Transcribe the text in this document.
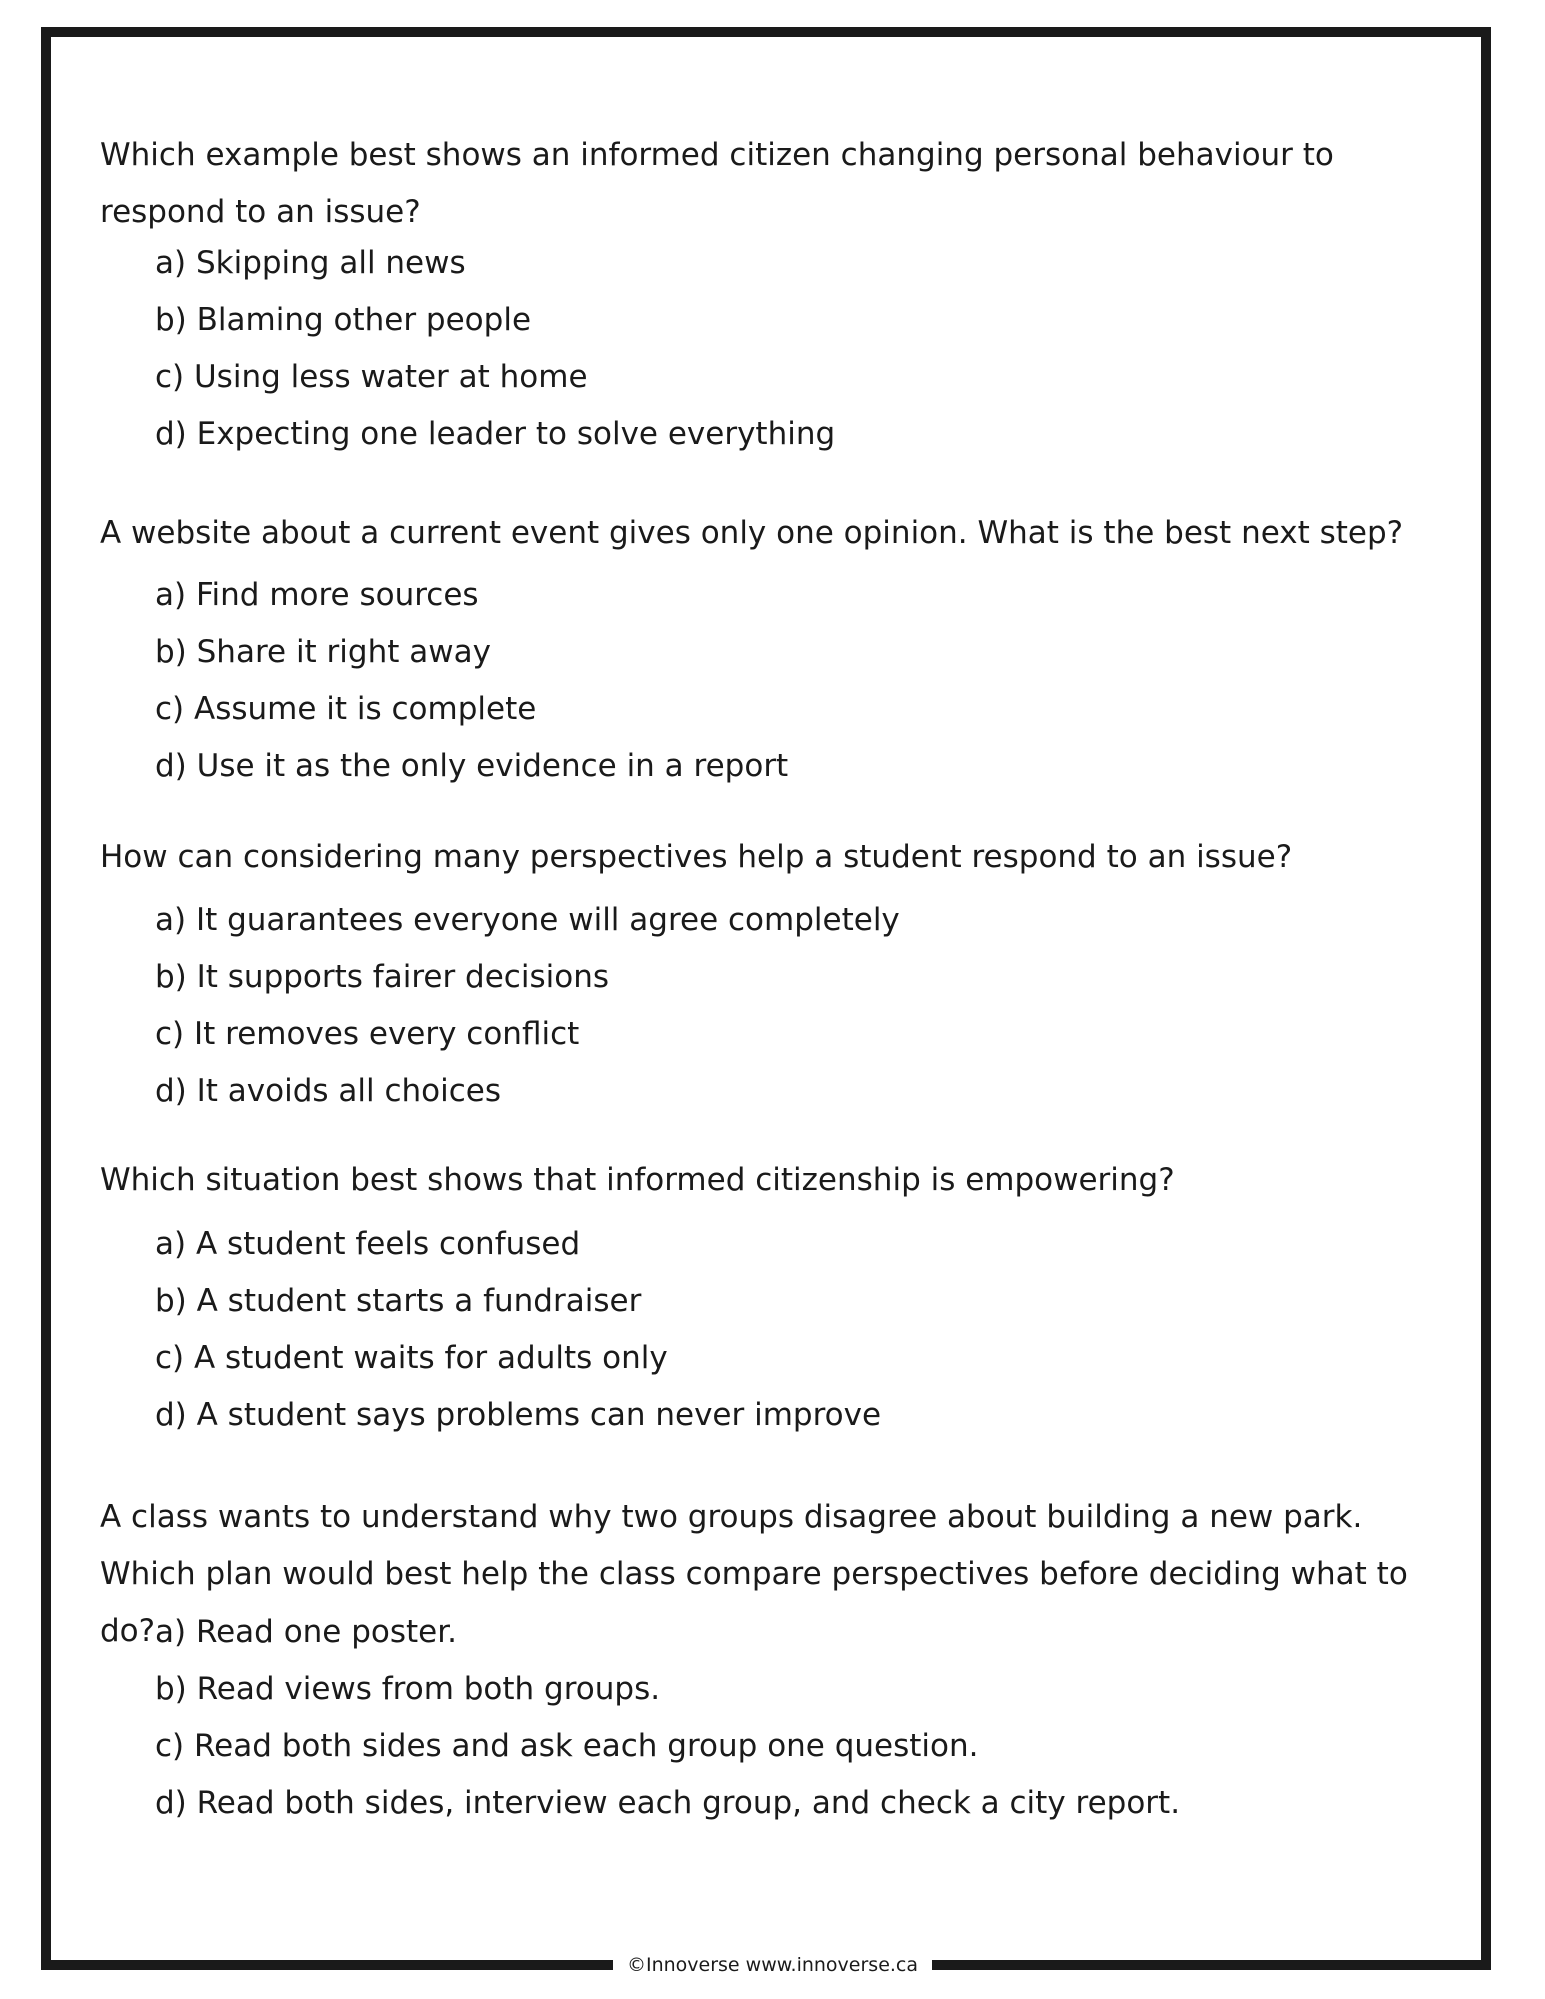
Which example best shows an informed citizen changing personal behaviour to respond to an issue?

a) Skipping all news
b) Blaming other people
c) Using less water at home
d) Expecting one leader to solve everything

A website about a current event gives only one opinion. What is the best next step?

a) Find more sources
b) Share it right away
c) Assume it is complete
d) Use it as the only evidence in a report

How can considering many perspectives help a student respond to an issue?

a) It guarantees everyone will agree completely
b) It supports fairer decisions
c) It removes every conflict
d) It avoids all choices

Which situation best shows that informed citizenship is empowering?

a) A student feels confused
b) A student starts a fundraiser
c) A student waits for adults only
d) A student says problems can never improve

A class wants to understand why two groups disagree about building a new park. Which plan would best help the class compare perspectives before deciding what to do? a) Read one poster.
b) Read views from both groups.
c) Read both sides and ask each group one question.
d) Read both sides, interview each group, and check a city report.
©Innoverse www.innoverse.ca
